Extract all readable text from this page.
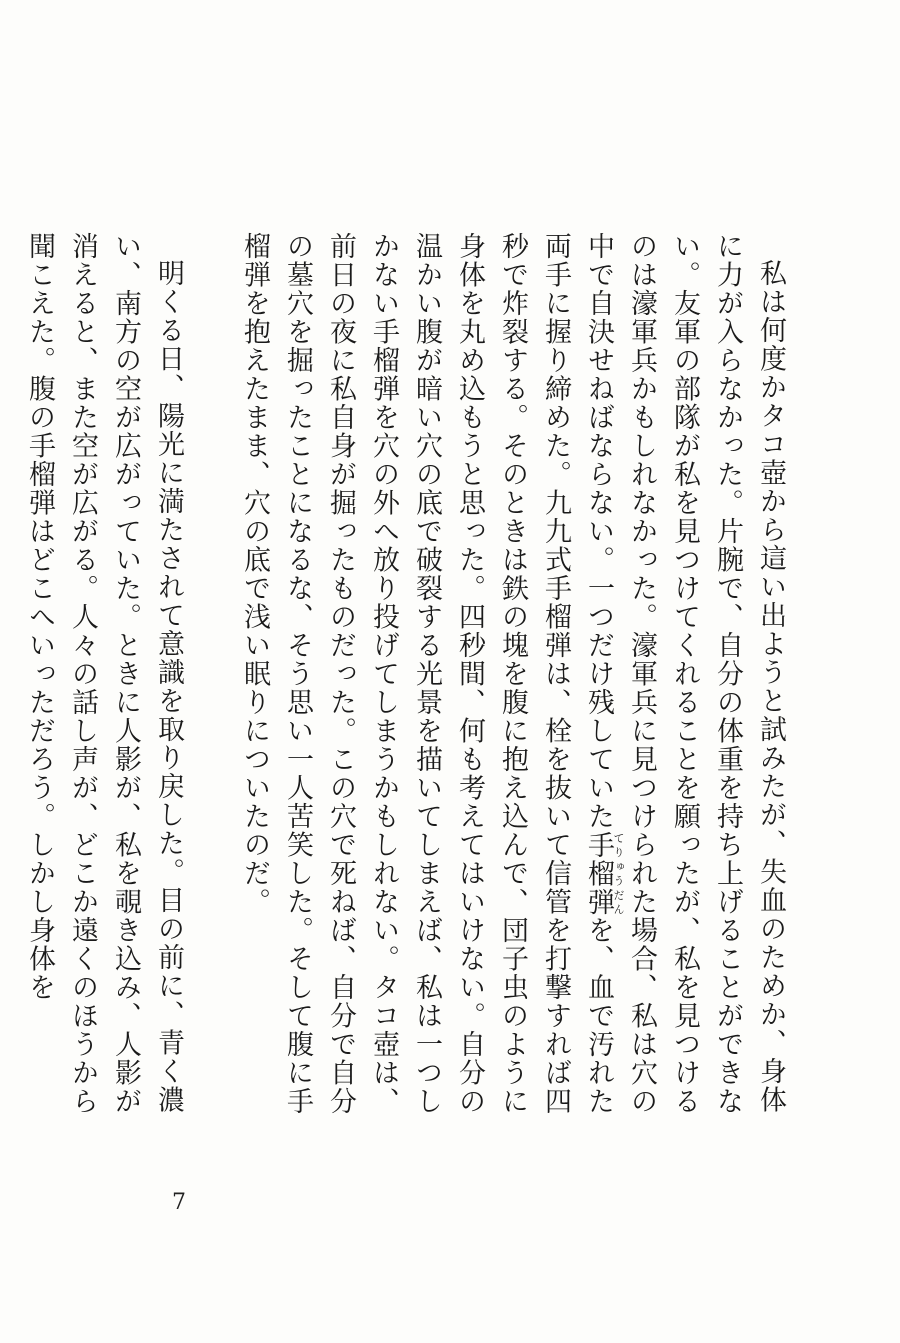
私は何度かタコ壺から這い出ようと試みたが、失血のためか、身体に力が入らなかった。片腕で、自分の体重を持ち上げることができない。友軍の部隊が私を見つけてくれることを願ったが、私を見つけるのは濠軍兵かもしれなかった。濠軍兵に見つけられた場合、私は穴の中で自決せねばならない。一つだけ残していた手榴弾てりゅうだんを、血で汚れた両手に握り締めた。九九式手榴弾は、栓を抜いて信管を打撃すれば四秒で炸裂する。そのときは鉄の塊を腹に抱え込んで、団子虫のように身体を丸め込もうと思った。四秒間、何も考えてはいけない。自分の温かい腹が暗い穴の底で破裂する光景を描いてしまえば、私は一つしかない手榴弾を穴の外へ放り投げてしまうかもしれない。タコ壺は、前日の夜に私自身が掘ったものだった。この穴で死ねば、自分で自分の墓穴を掘ったことになるな、そう思い一人苦笑した。そして腹に手榴弾を抱えたまま、穴の底で浅い眠りについたのだ。

明くる日、陽光に満たされて意識を取り戻した。目の前に、青く濃い、南方の空が広がっていた。ときに人影が、私を覗き込み、人影が消えると、また空が広がる。人々の話し声が、どこか遠くのほうから聞こえた。腹の手榴弾はどこへいっただろう。しかし身体を

7
